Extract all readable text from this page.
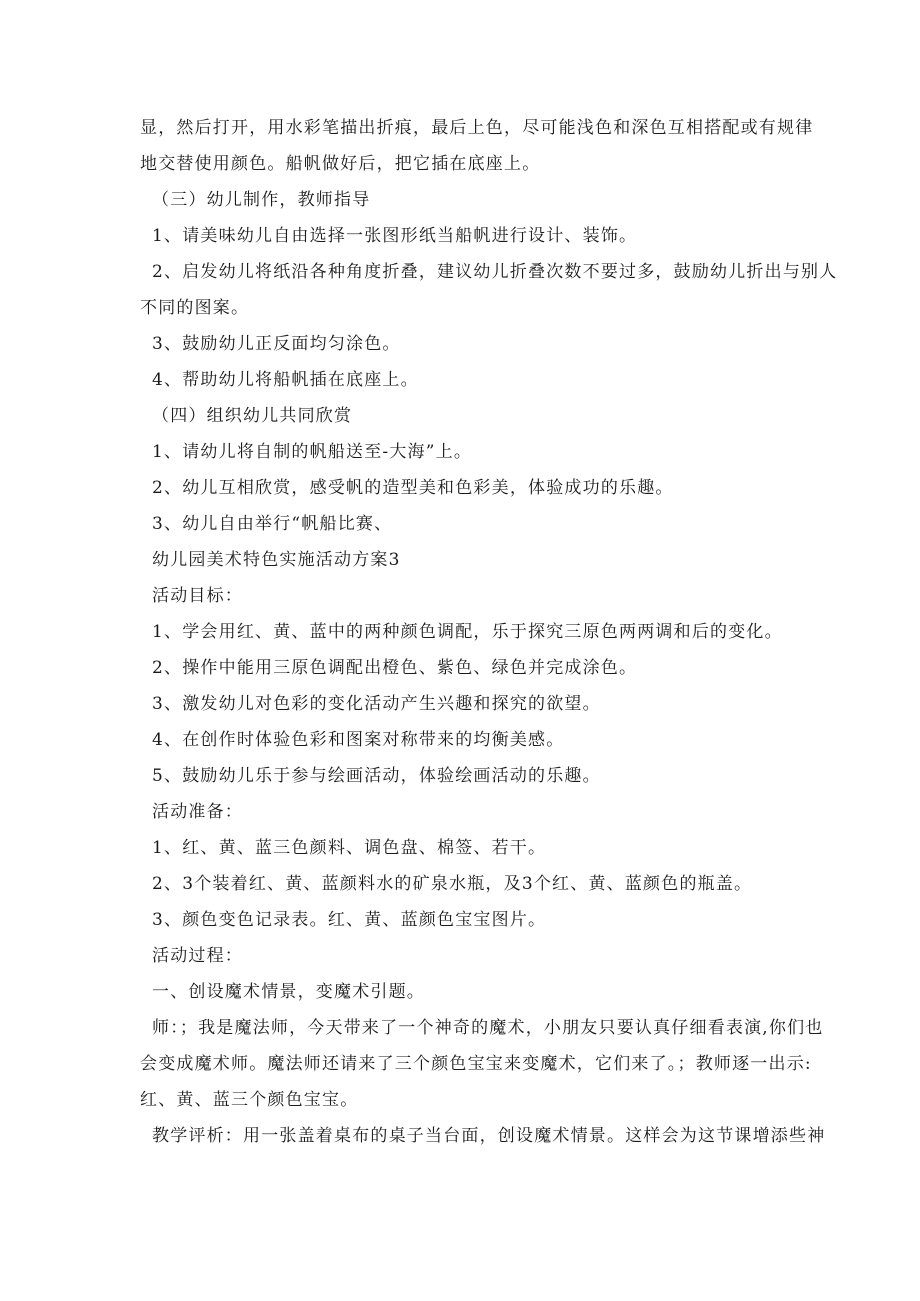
显，然后打开，用水彩笔描出折痕，最后上色，尽可能浅色和深色互相搭配或有规律
地交替使用颜色。船帆做好后，把它插在底座上。
（三）幼儿制作，教师指导
1、请美味幼儿自由选择一张图形纸当船帆进行设计、装饰。
2、启发幼儿将纸沿各种角度折叠，建议幼儿折叠次数不要过多，鼓励幼儿折出与别人
不同的图案。
3、鼓励幼儿正反面均匀涂色。
4、帮助幼儿将船帆插在底座上。
（四）组织幼儿共同欣赏
1、请幼儿将自制的帆船送至-大海”上。
2、幼儿互相欣赏，感受帆的造型美和色彩美，体验成功的乐趣。
3、幼儿自由举行“帆船比赛、
幼儿园美术特色实施活动方案3
活动目标：
1、学会用红、黄、蓝中的两种颜色调配，乐于探究三原色两两调和后的变化。
2、操作中能用三原色调配出橙色、紫色、绿色并完成涂色。
3、激发幼儿对色彩的变化活动产生兴趣和探究的欲望。
4、在创作时体验色彩和图案对称带来的均衡美感。
5、鼓励幼儿乐于参与绘画活动，体验绘画活动的乐趣。
活动准备：
1、红、黄、蓝三色颜料、调色盘、棉签、若干。
2、3个装着红、黄、蓝颜料水的矿泉水瓶，及3个红、黄、蓝颜色的瓶盖。
3、颜色变色记录表。红、黄、蓝颜色宝宝图片。
活动过程：
一、创设魔术情景，变魔术引题。
师：；我是魔法师，今天带来了一个神奇的魔术，小朋友只要认真仔细看表演,你们也
会变成魔术师。魔法师还请来了三个颜色宝宝来变魔术，它们来了。；教师逐一出示:
红、黄、蓝三个颜色宝宝。
教学评析：用一张盖着桌布的桌子当台面，创设魔术情景。这样会为这节课增添些神
